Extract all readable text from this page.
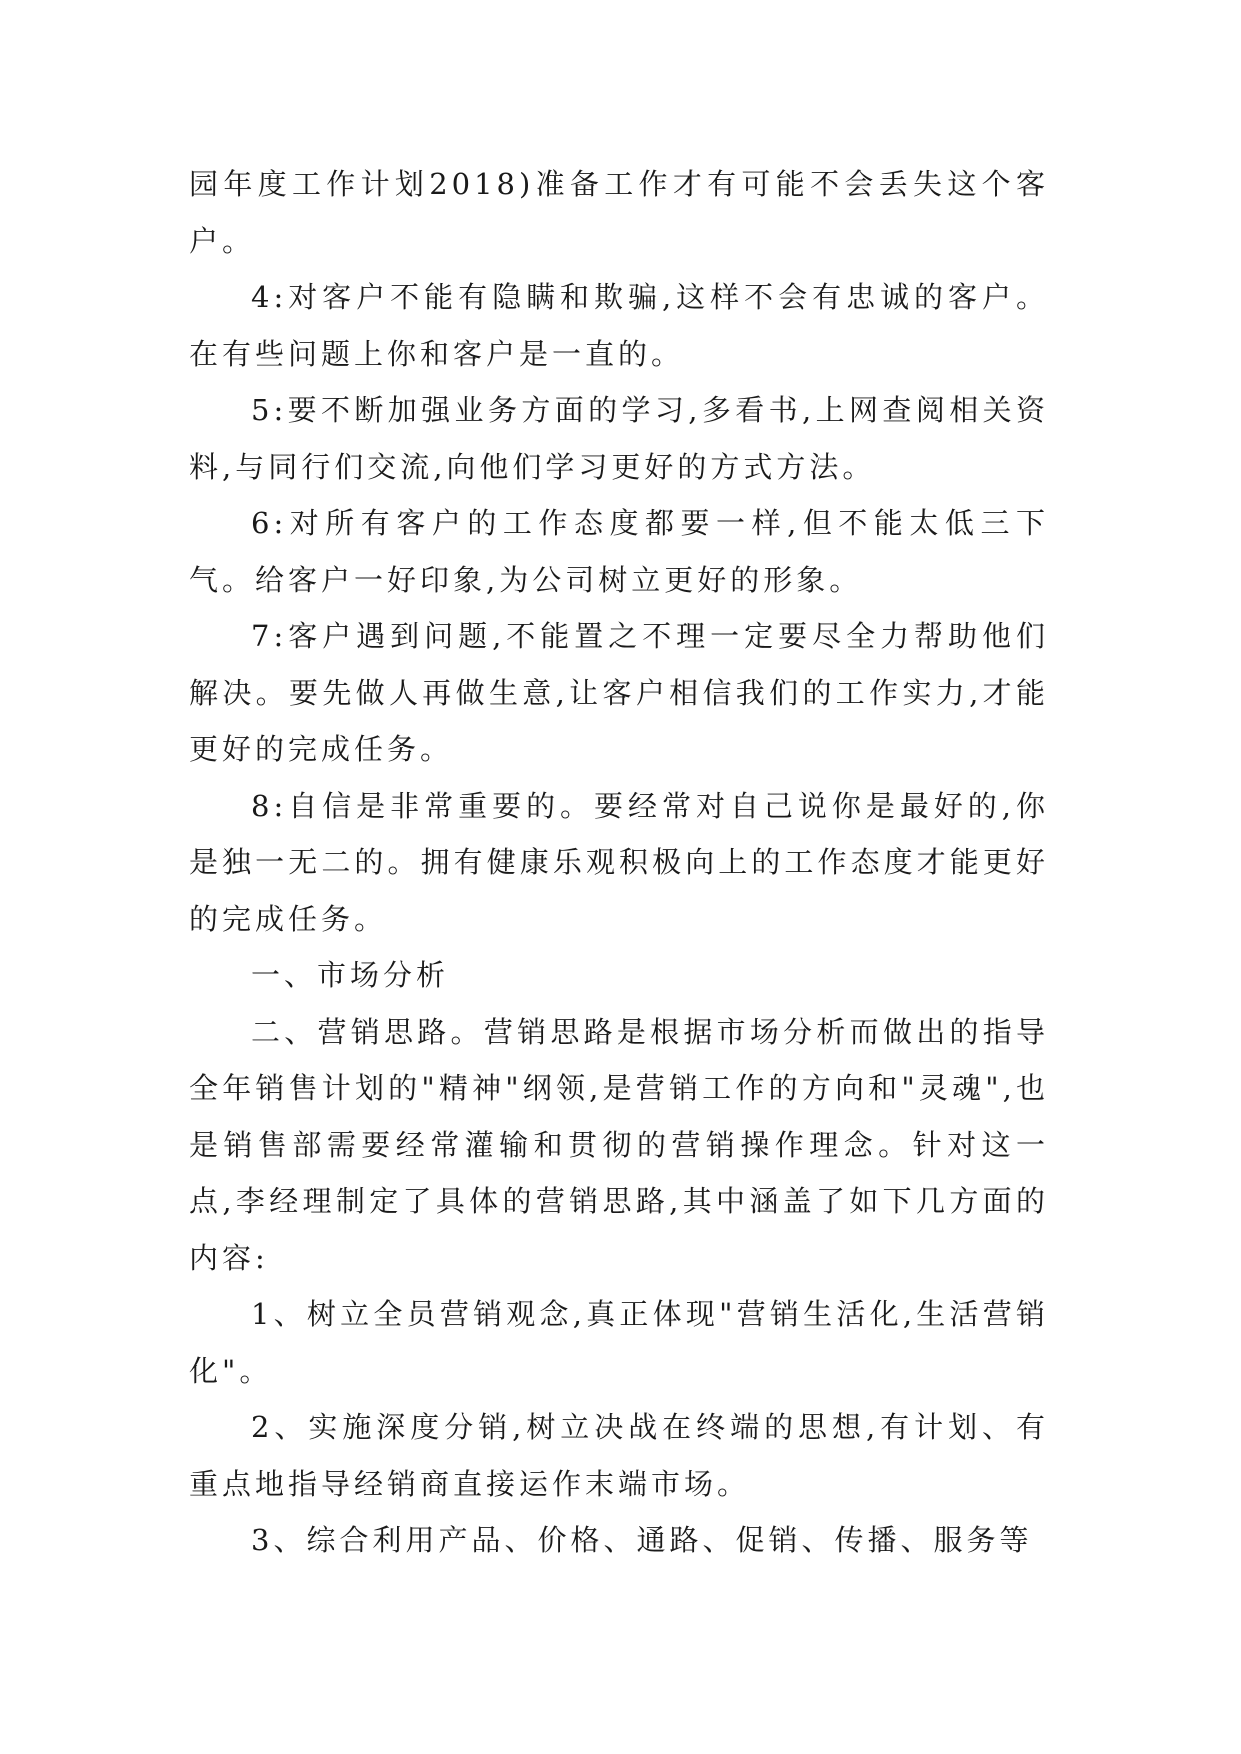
园年度工作计划2018)准备工作才有可能不会丢失这个客户。

4:对客户不能有隐瞒和欺骗,这样不会有忠诚的客户。在有些问题上你和客户是一直的。

5:要不断加强业务方面的学习,多看书,上网查阅相关资料,与同行们交流,向他们学习更好的方式方法。

6:对所有客户的工作态度都要一样,但不能太低三下气。给客户一好印象,为公司树立更好的形象。

7:客户遇到问题,不能置之不理一定要尽全力帮助他们解决。要先做人再做生意,让客户相信我们的工作实力,才能更好的完成任务。

8:自信是非常重要的。要经常对自己说你是最好的,你是独一无二的。拥有健康乐观积极向上的工作态度才能更好的完成任务。

一、市场分析

二、营销思路。营销思路是根据市场分析而做出的指导全年销售计划的"精神"纲领,是营销工作的方向和"灵魂",也是销售部需要经常灌输和贯彻的营销操作理念。针对这一点,李经理制定了具体的营销思路,其中涵盖了如下几方面的内容:

1、树立全员营销观念,真正体现"营销生活化,生活营销化"。

2、实施深度分销,树立决战在终端的思想,有计划、有重点地指导经销商直接运作末端市场。

3、综合利用产品、价格、通路、促销、传播、服务等
